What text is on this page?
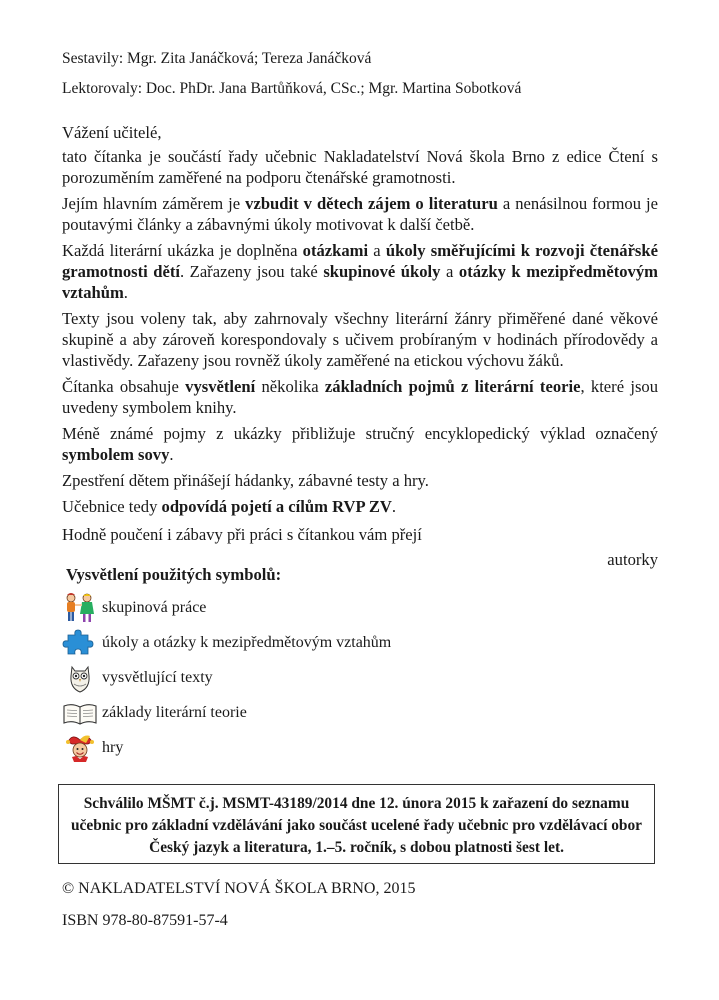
Sestavily: Mgr. Zita Janáčková; Tereza Janáčková

Lektorovaly: Doc. PhDr. Jana Bartůňková, CSc.; Mgr. Martina Sobotková

Vážení učitelé,

tato čítanka je součástí řady učebnic Nakladatelství Nová škola Brno z edice Čtení s porozuměním zaměřené na podporu čtenářské gramotnosti.

Jejím hlavním záměrem je vzbudit v dětech zájem o literaturu a nenásilnou formou je poutavými články a zábavnými úkoly motivovat k další četbě.

Každá literární ukázka je doplněna otázkami a úkoly směřujícími k rozvoji čtenářské gramotnosti dětí. Zařazeny jsou také skupinové úkoly a otázky k mezipředmětovým vztahům.

Texty jsou voleny tak, aby zahrnovaly všechny literární žánry přiměřené dané věkové skupině a aby zároveň korespondovaly s učivem probíraným v hodinách přírodovědy a vlastivědy. Zařazeny jsou rovněž úkoly zaměřené na etickou výchovu žáků.

Čítanka obsahuje vysvětlení několika základních pojmů z literární teorie, které jsou uvedeny symbolem knihy.

Méně známé pojmy z ukázky přibližuje stručný encyklopedický výklad označený symbolem sovy.

Zpestření dětem přinášejí hádanky, zábavné testy a hry.

Učebnice tedy odpovídá pojetí a cílům RVP ZV.

Hodně poučení i zábavy při práci s čítankou vám přejí

autorky

Vysvětlení použitých symbolů:
skupinová práce
úkoly a otázky k mezipředmětovým vztahům
vysvětlující texty
základy literární teorie
hry
Schválilo MŠMT č.j. MSMT-43189/2014 dne 12. února 2015 k zařazení do seznamu učebnic pro základní vzdělávání jako součást ucelené řady učebnic pro vzdělávací obor Český jazyk a literatura, 1.–5. ročník, s dobou platnosti šest let.

© NAKLADATELSTVÍ NOVÁ ŠKOLA BRNO, 2015

ISBN 978-80-87591-57-4
